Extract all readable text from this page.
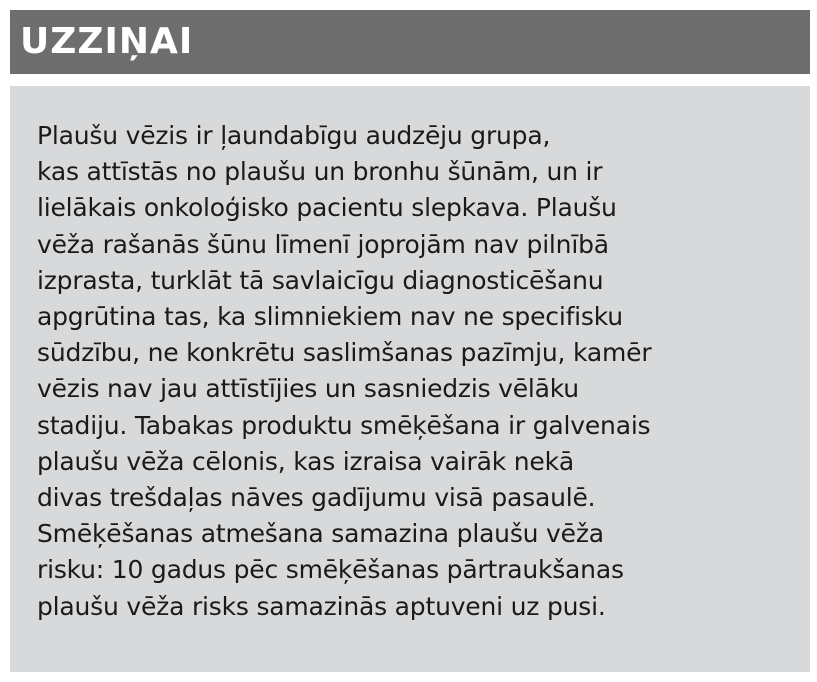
UZZIŅAI

Plaušu vēzis ir ļaundabīgu audzēju grupa,
kas attīstās no plaušu un bronhu šūnām, un ir
lielākais onkoloģisko pacientu slepkava. Plaušu
vēža rašanās šūnu līmenī joprojām nav pilnībā
izprasta, turklāt tā savlaicīgu diagnosticēšanu
apgrūtina tas, ka slimniekiem nav ne specifisku
sūdzību, ne konkrētu saslimšanas pazīmju, kamēr
vēzis nav jau attīstījies un sasniedzis vēlāku
stadiju. Tabakas produktu smēķēšana ir galvenais
plaušu vēža cēlonis, kas izraisa vairāk nekā
divas trešdaļas nāves gadījumu visā pasaulē.
Smēķēšanas atmešana samazina plaušu vēža
risku: 10 gadus pēc smēķēšanas pārtraukšanas
plaušu vēža risks samazinās aptuveni uz pusi.
